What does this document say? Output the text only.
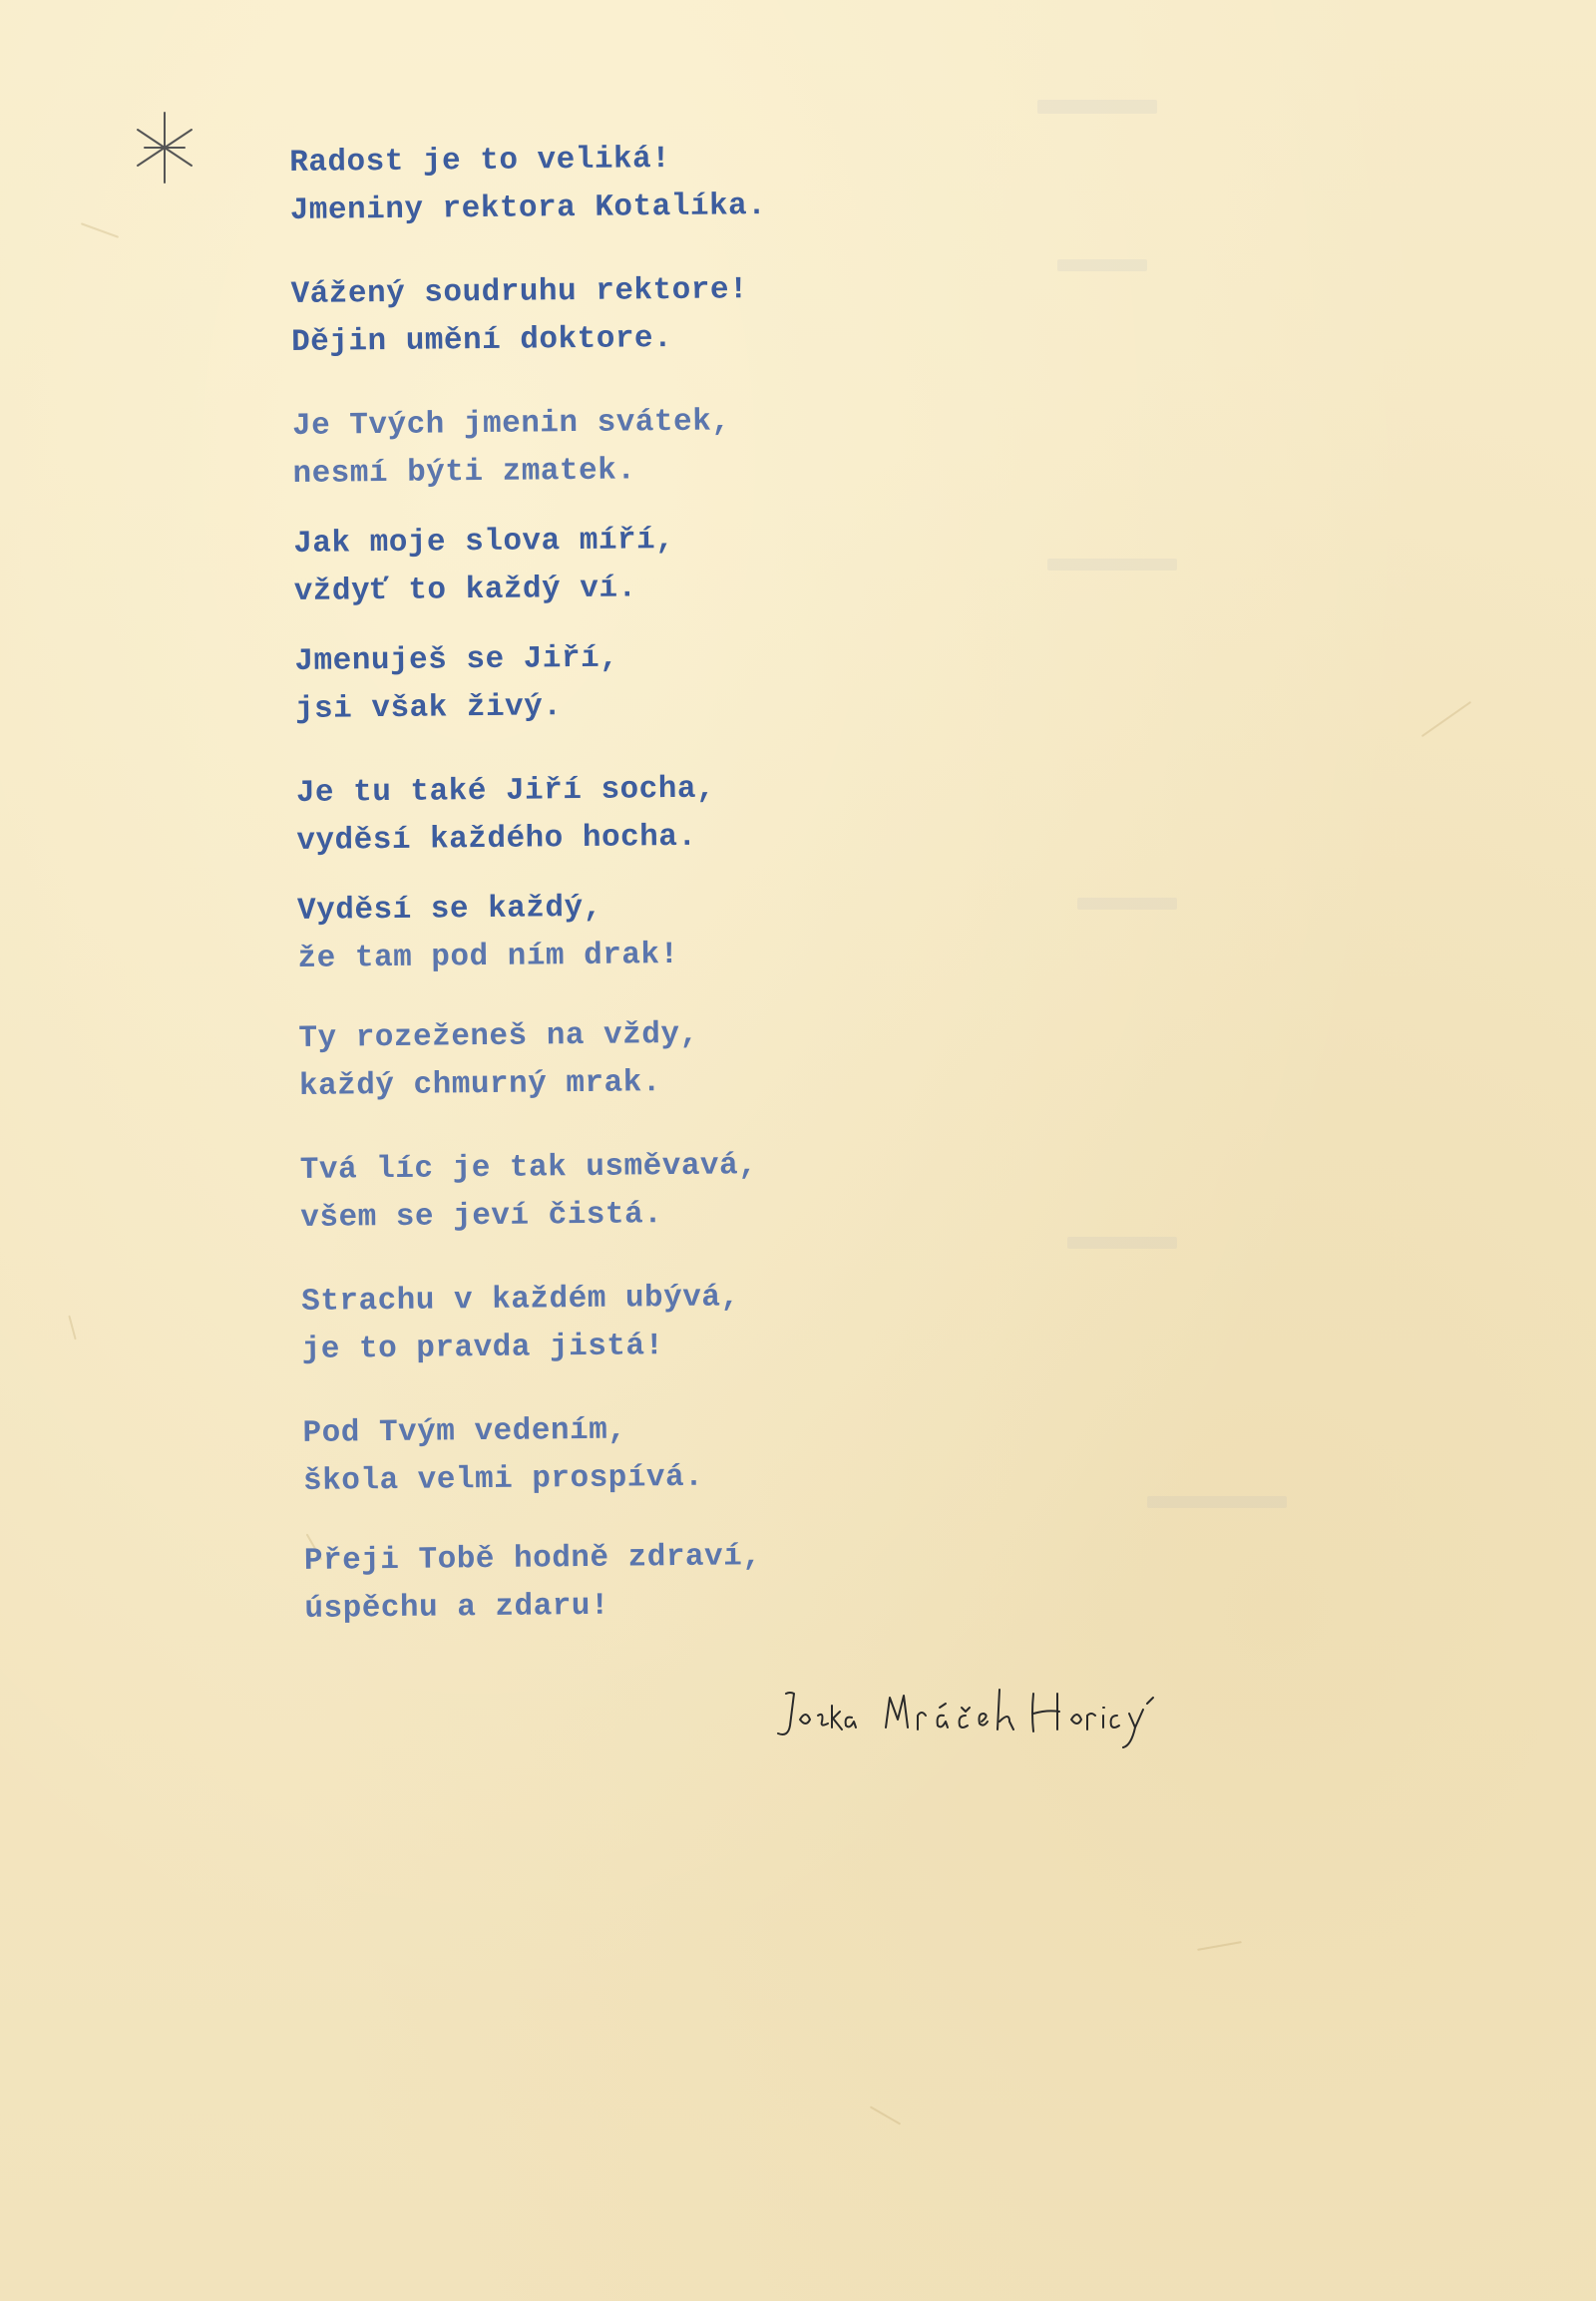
Radost je to veliká!
Jmeniny rektora Kotalíka.
Vážený soudruhu rektore!
Dějin umění doktore.
Je Tvých jmenin svátek,
nesmí býti zmatek.
Jak moje slova míří,
vždyť to každý ví.
Jmenuješ se Jiří,
jsi však živý.
Je tu také Jiří socha,
vyděsí každého hocha.
Vyděsí se každý,
že tam pod ním drak!
Ty rozeženeš na vždy,
každý chmurný mrak.
Tvá líc je tak usměvavá,
všem se jeví čistá.
Strachu v každém ubývá,
je to pravda jistá!
Pod Tvým vedením,
škola velmi prospívá.
Přeji Tobě hodně zdraví,
úspěchu a zdaru!
